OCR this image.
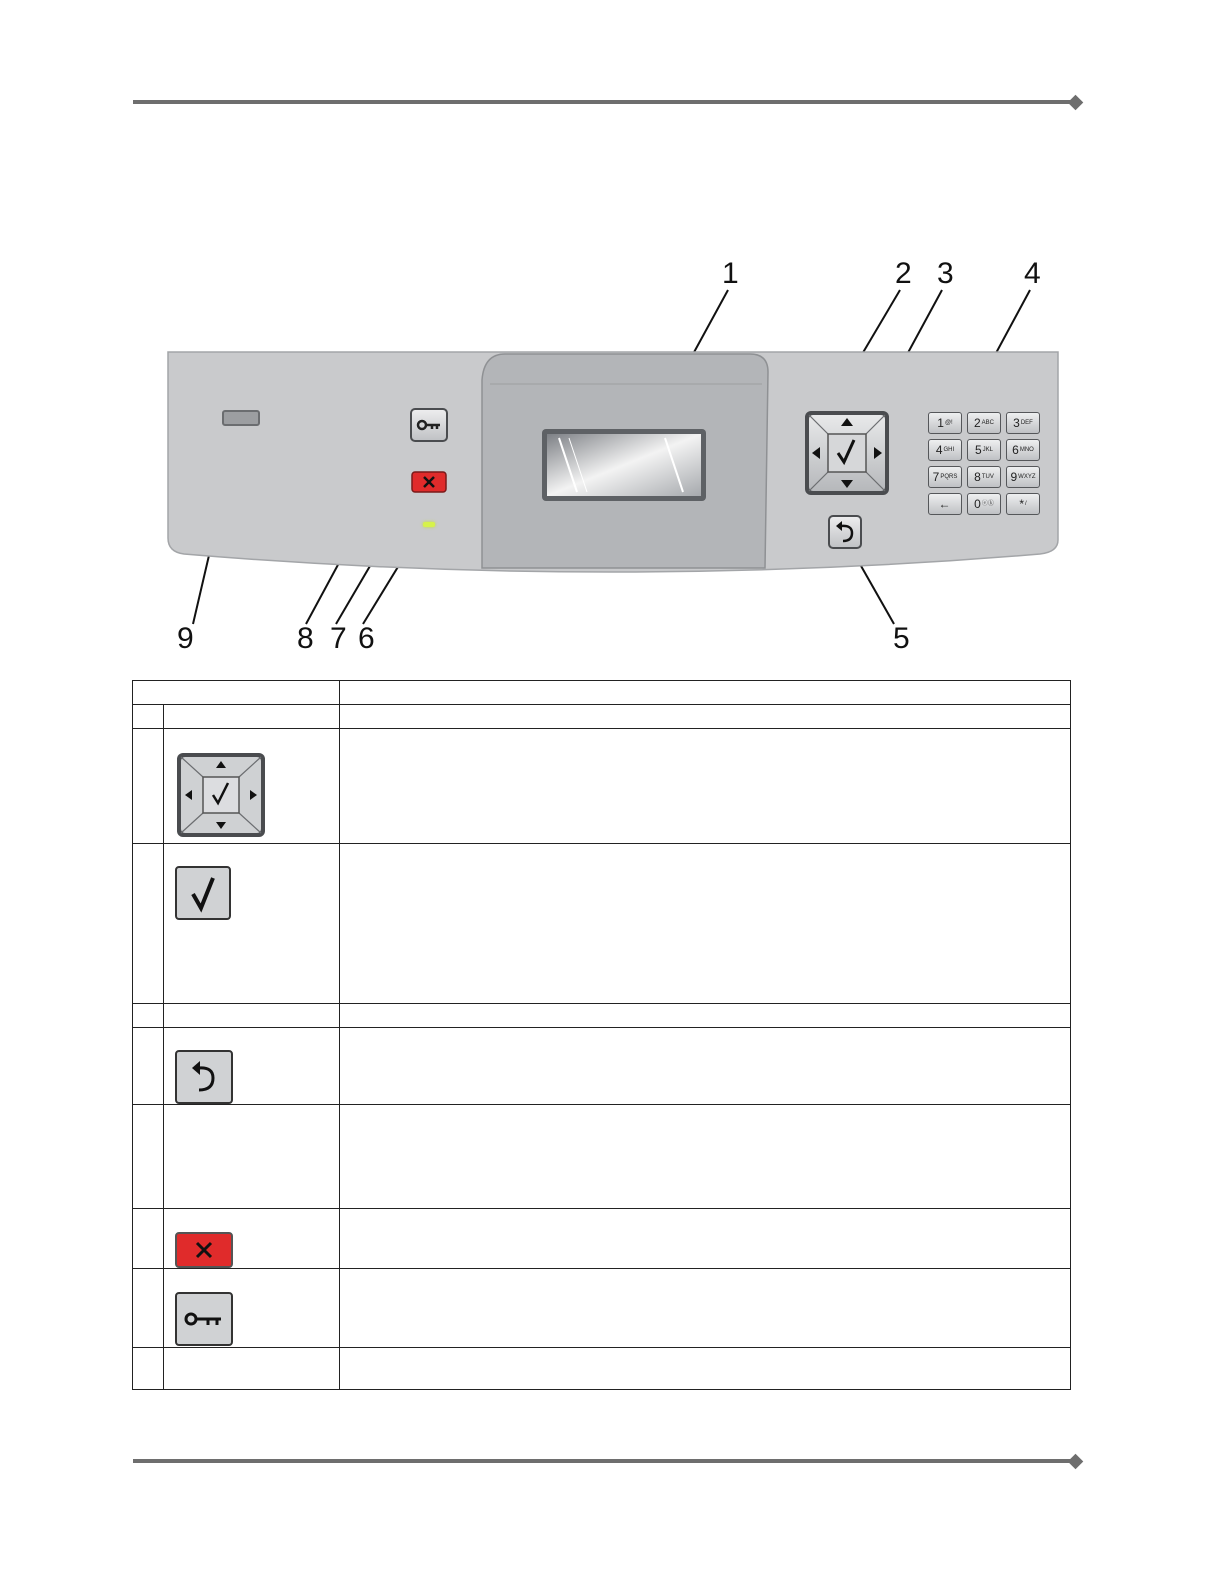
1	2 3 4
5
6
7
8
9
1 @! 2 ABC 3 DEF
4 GHI 5 JKL 6 MNO
7 PQRS 8 TUV 9 WXYZ
← 0 ⓔⓚ * /
